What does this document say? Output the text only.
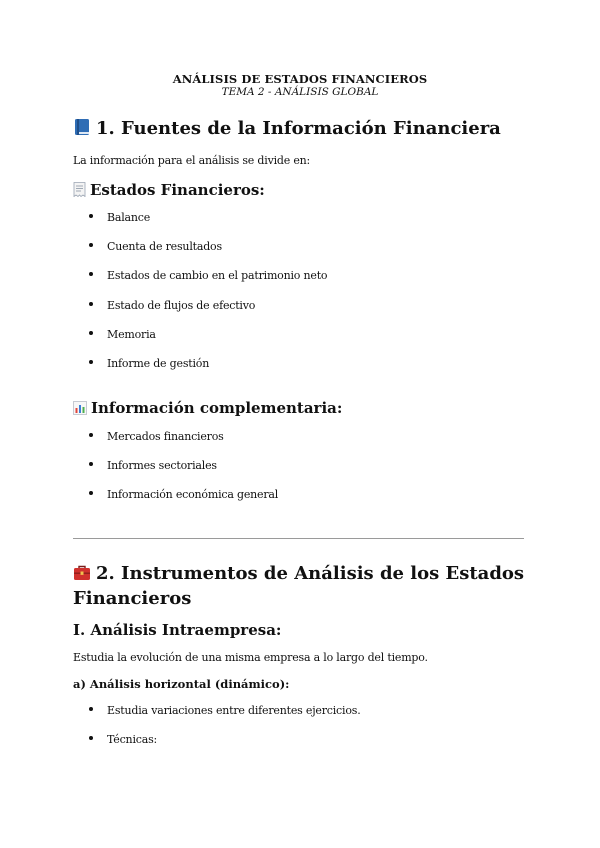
ANÁLISIS DE ESTADOS FINANCIEROS
TEMA 2 - ANÁLISIS GLOBAL
1. Fuentes de la Información Financiera
La información para el análisis se divide en:
Estados Financieros:
Balance
Cuenta de resultados
Estados de cambio en el patrimonio neto
Estado de flujos de efectivo
Memoria
Informe de gestión
Información complementaria:
Mercados financieros
Informes sectoriales
Información económica general
2. Instrumentos de Análisis de los Estados Financieros
I. Análisis Intraempresa:
Estudia la evolución de una misma empresa a lo largo del tiempo.
a) Análisis horizontal (dinámico):
Estudia variaciones entre diferentes ejercicios.
Técnicas:
